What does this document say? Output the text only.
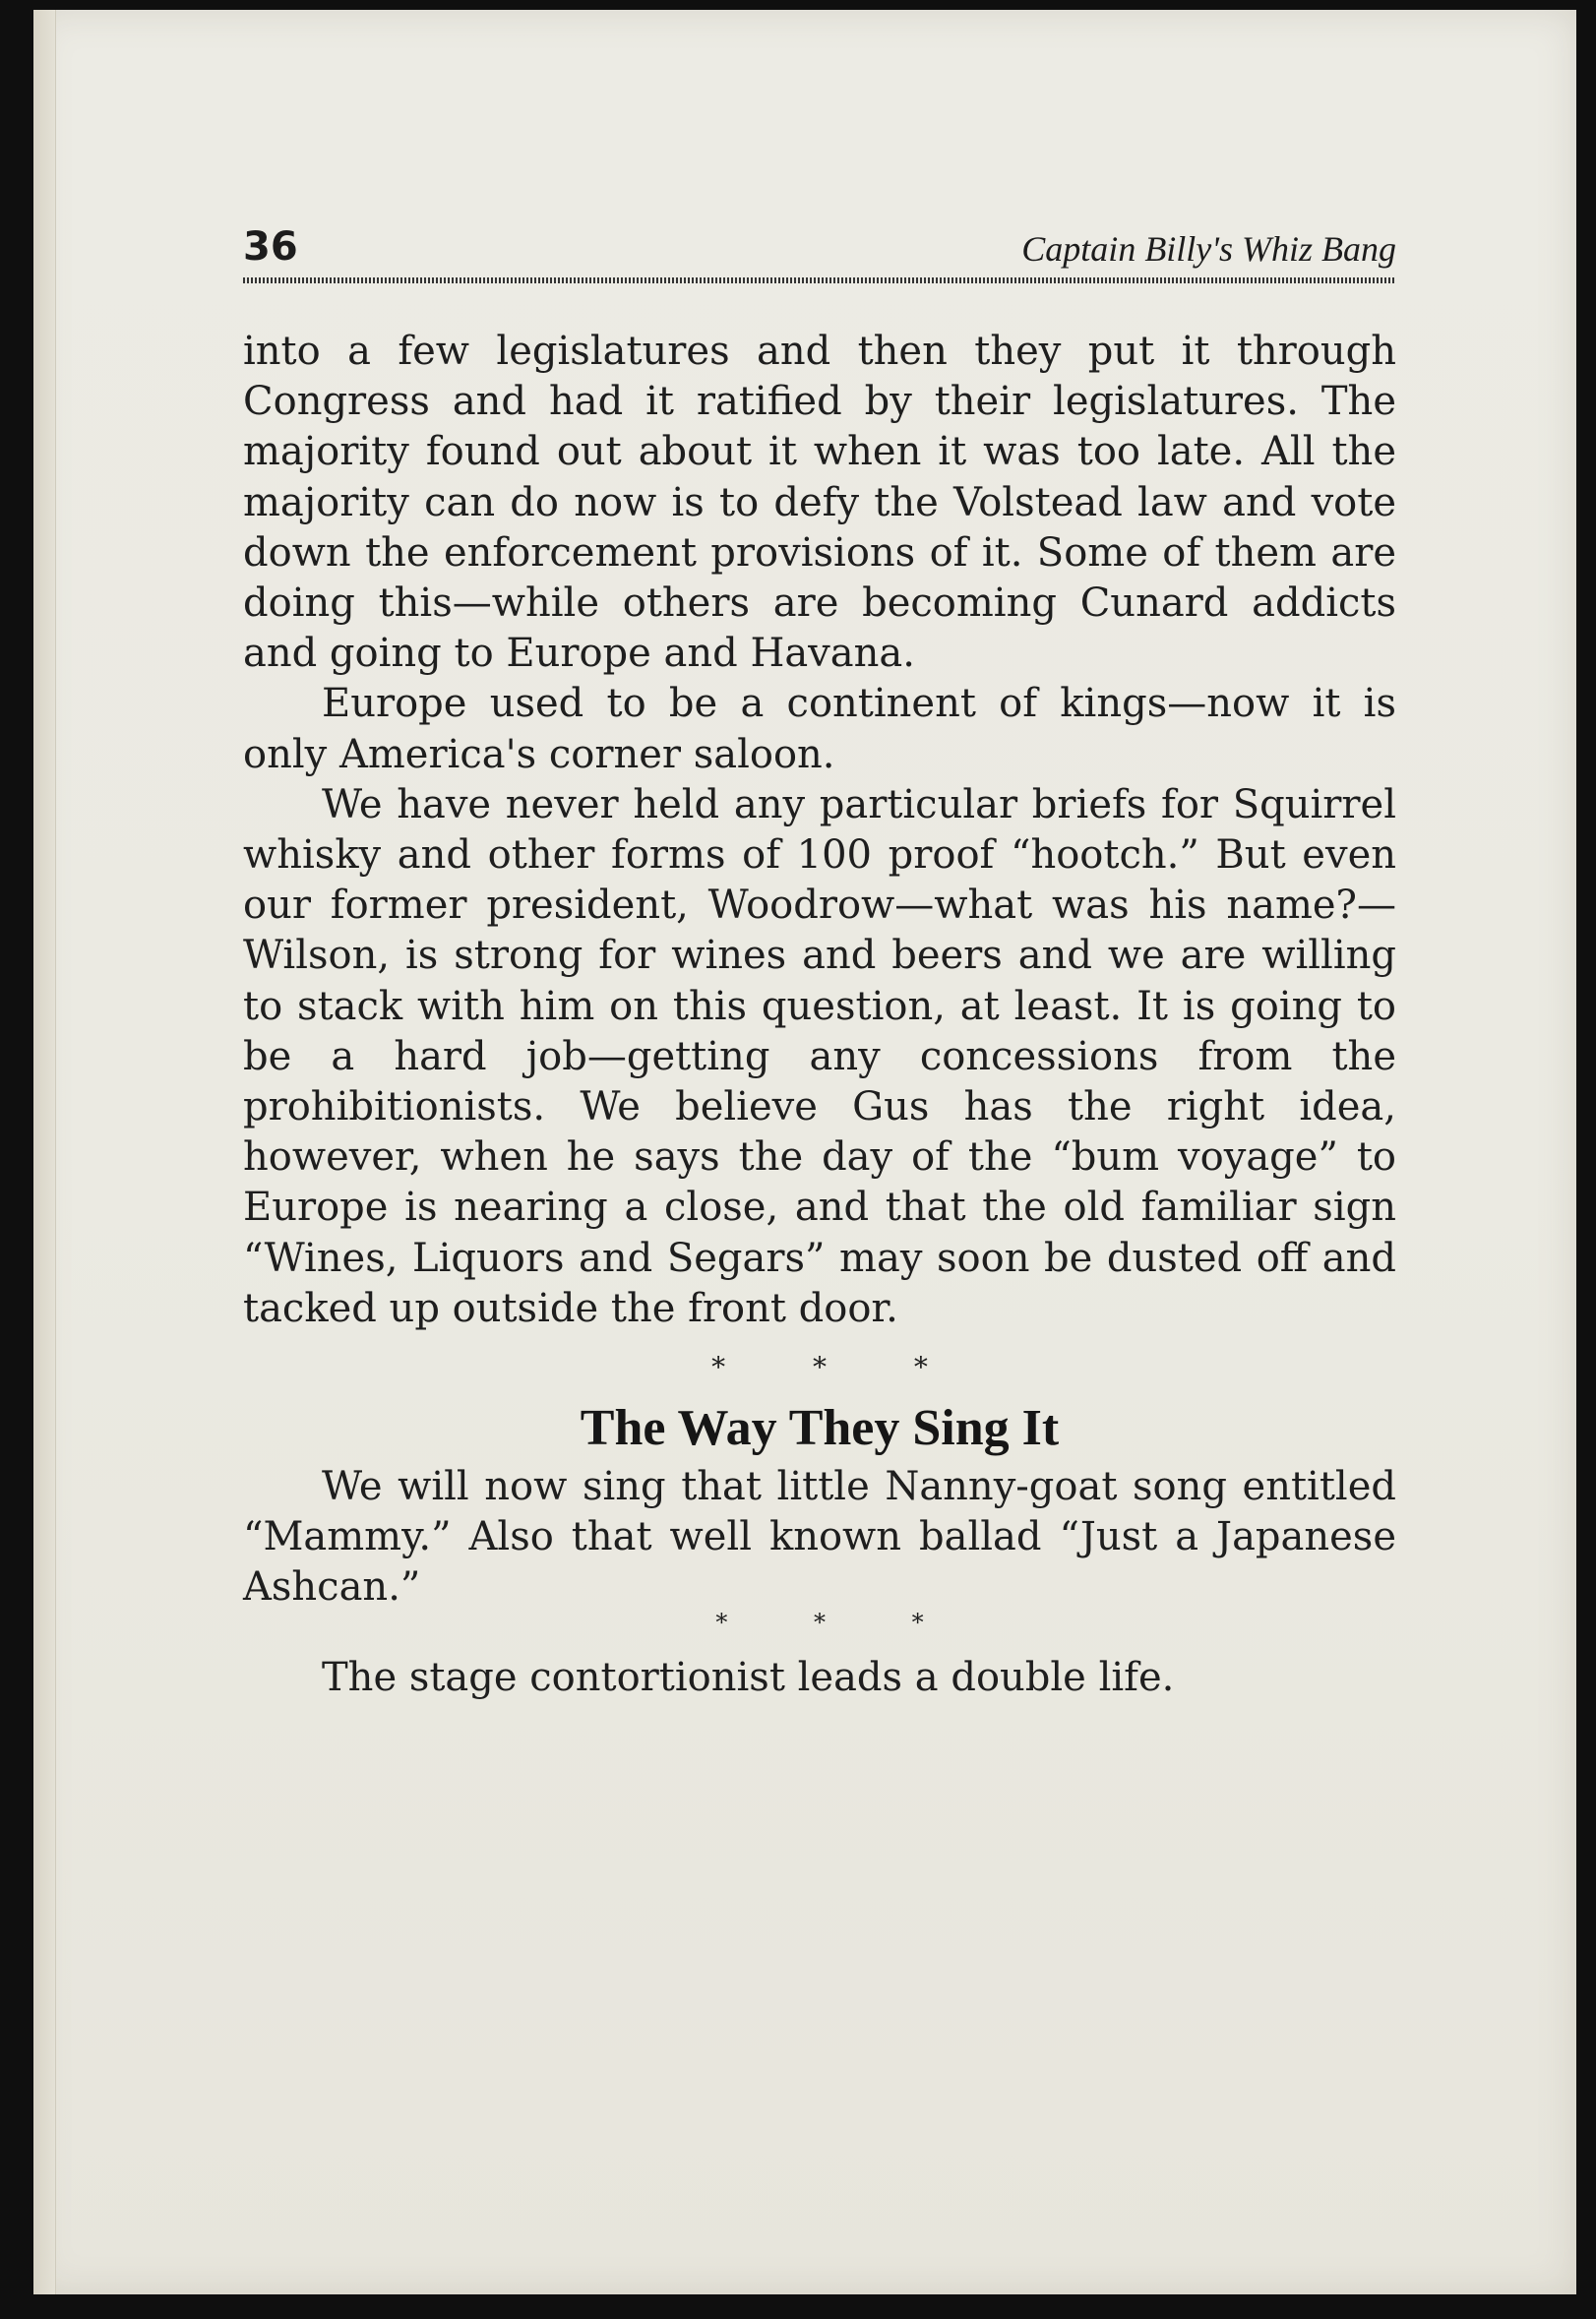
36	Captain Billy's Whiz Bang

into a few legislatures and then they put it through Congress and had it ratified by their legislatures. The majority found out about it when it was too late. All the majority can do now is to defy the Volstead law and vote down the enforcement provisions of it. Some of them are doing this—while others are becoming Cunard addicts and going to Europe and Havana.

Europe used to be a continent of kings—now it is only America's corner saloon.

We have never held any particular briefs for Squirrel whisky and other forms of 100 proof “hootch.” But even our former president, Woodrow—what was his name?—Wilson, is strong for wines and beers and we are willing to stack with him on this question, at least. It is going to be a hard job—getting any concessions from the prohibitionists. We believe Gus has the right idea, however, when he says the day of the “bum voyage” to Europe is nearing a close, and that the old familiar sign “Wines, Liquors and Segars” may soon be dusted off and tacked up outside the front door.

* * *
The Way They Sing It

We will now sing that little Nanny-goat song entitled “Mammy.” Also that well known ballad “Just a Japanese Ashcan.”

* * *

The stage contortionist leads a double life.
